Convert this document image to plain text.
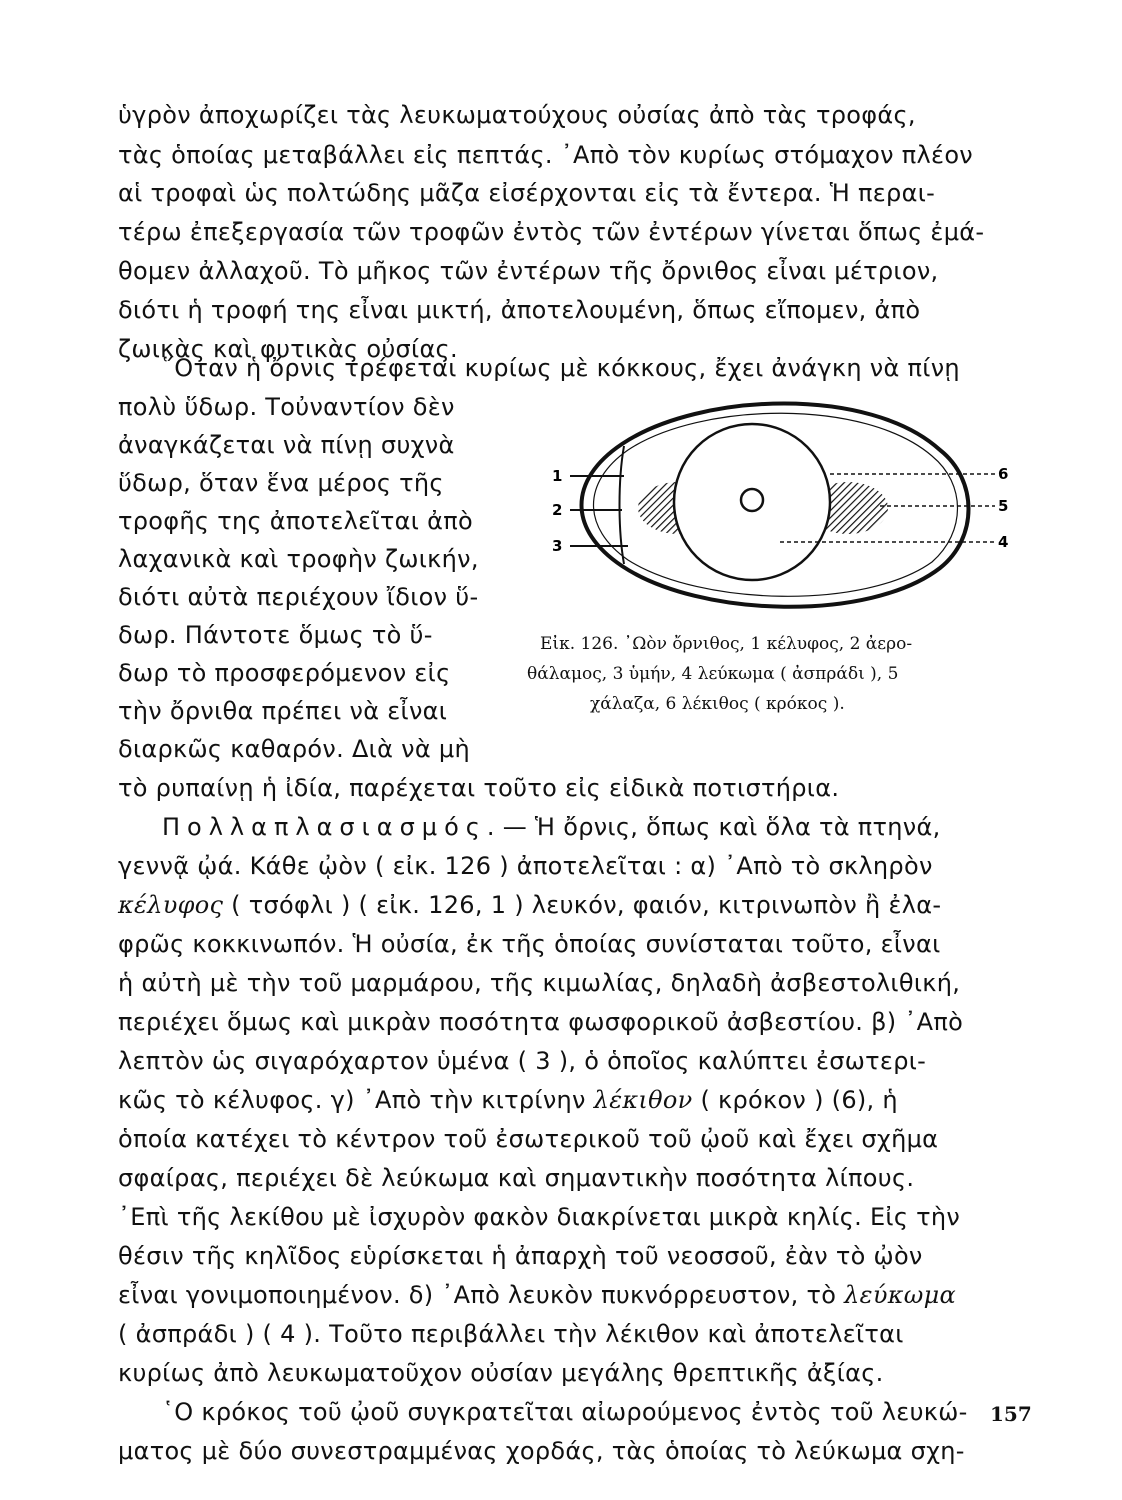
ὑγρὸν ἀποχωρίζει τὰς λευκωματούχους οὐσίας ἀπὸ τὰς τροφάς,
τὰς ὁποίας μεταβάλλει εἰς πεπτάς. ᾿Απὸ τὸν κυρίως στόμαχον πλέον
αἱ τροφαὶ ὡς πολτώδης μᾶζα εἰσέρχονται εἰς τὰ ἔντερα. Ἡ περαι-
τέρω ἐπεξεργασία τῶν τροφῶν ἐντὸς τῶν ἐντέρων γίνεται ὅπως ἐμά-
θομεν ἀλλαχοῦ. Τὸ μῆκος τῶν ἐντέρων τῆς ὄρνιθος εἶναι μέτριον,
διότι ἡ τροφή της εἶναι μικτή, ἀποτελουμένη, ὅπως εἴπομεν, ἀπὸ
ζωικὰς καὶ φυτικὰς οὐσίας.
῞Οταν ἡ ὄρνις τρέφεται κυρίως μὲ κόκκους, ἔχει ἀνάγκη νὰ πίνῃ
πολὺ ὕδωρ. Τοὐναντίον δὲν
ἀναγκάζεται νὰ πίνῃ συχνὰ
ὕδωρ, ὅταν ἕνα μέρος τῆς
τροφῆς της ἀποτελεῖται ἀπὸ
λαχανικὰ καὶ τροφὴν ζωικήν,
διότι αὐτὰ περιέχουν ἴδιον ὕ-
δωρ. Πάντοτε ὅμως τὸ ὕ-
δωρ τὸ προσφερόμενον εἰς
τὴν ὄρνιθα πρέπει νὰ εἶναι
διαρκῶς καθαρόν. Διὰ νὰ μὴ
τὸ ρυπαίνῃ ἡ ἰδία, παρέχεται τοῦτο εἰς εἰδικὰ ποτιστήρια.
Πολλαπλασιασμός. — Ἡ ὄρνις, ὅπως καὶ ὅλα τὰ πτηνά,
γεννᾷ ᾠά. Κάθε ᾠὸν ( εἰκ. 126 ) ἀποτελεῖται : α) ᾿Απὸ τὸ σκληρὸν
κέλυφος ( τσόφλι ) ( εἰκ. 126, 1 ) λευκόν, φαιόν, κιτρινωπὸν ἢ ἐλα-
φρῶς κοκκινωπόν. Ἡ οὐσία, ἐκ τῆς ὁποίας συνίσταται τοῦτο, εἶναι
ἡ αὐτὴ μὲ τὴν τοῦ μαρμάρου, τῆς κιμωλίας, δηλαδὴ ἀσβεστολιθική,
περιέχει ὅμως καὶ μικρὰν ποσότητα φωσφορικοῦ ἀσβεστίου. β) ᾿Απὸ
λεπτὸν ὡς σιγαρόχαρτον ὑμένα ( 3 ), ὁ ὁποῖος καλύπτει ἐσωτερι-
κῶς τὸ κέλυφος. γ) ᾿Απὸ τὴν κιτρίνην λέκιθον ( κρόκον ) (6), ἡ
ὁποία κατέχει τὸ κέντρον τοῦ ἐσωτερικοῦ τοῦ ᾠοῦ καὶ ἔχει σχῆμα
σφαίρας, περιέχει δὲ λεύκωμα καὶ σημαντικὴν ποσότητα λίπους.
᾿Επὶ τῆς λεκίθου μὲ ἰσχυρὸν φακὸν διακρίνεται μικρὰ κηλίς. Εἰς τὴν
θέσιν τῆς κηλῖδος εὑρίσκεται ἡ ἀπαρχὴ τοῦ νεοσσοῦ, ἐὰν τὸ ᾠὸν
εἶναι γονιμοποιημένον. δ) ᾿Απὸ λευκὸν πυκνόρρευστον, τὸ λεύκωμα
( ἀσπράδι ) ( 4 ). Τοῦτο περιβάλλει τὴν λέκιθον καὶ ἀποτελεῖται
κυρίως ἀπὸ λευκωματοῦχον οὐσίαν μεγάλης θρεπτικῆς ἀξίας.
῾Ο κρόκος τοῦ ᾠοῦ συγκρατεῖται αἰωρούμενος ἐντὸς τοῦ λευκώ-
ματος μὲ δύο συνεστραμμένας χορδάς, τὰς ὁποίας τὸ λεύκωμα σχη-
1
2
3
6
5
4
Εἰκ. 126. ᾿Ωὸν ὄρνιθος, 1 κέλυφος, 2 ἀερο-
θάλαμος, 3 ὑμήν, 4 λεύκωμα ( ἀσπράδι ), 5
χάλαζα, 6 λέκιθος ( κρόκος ).
157
